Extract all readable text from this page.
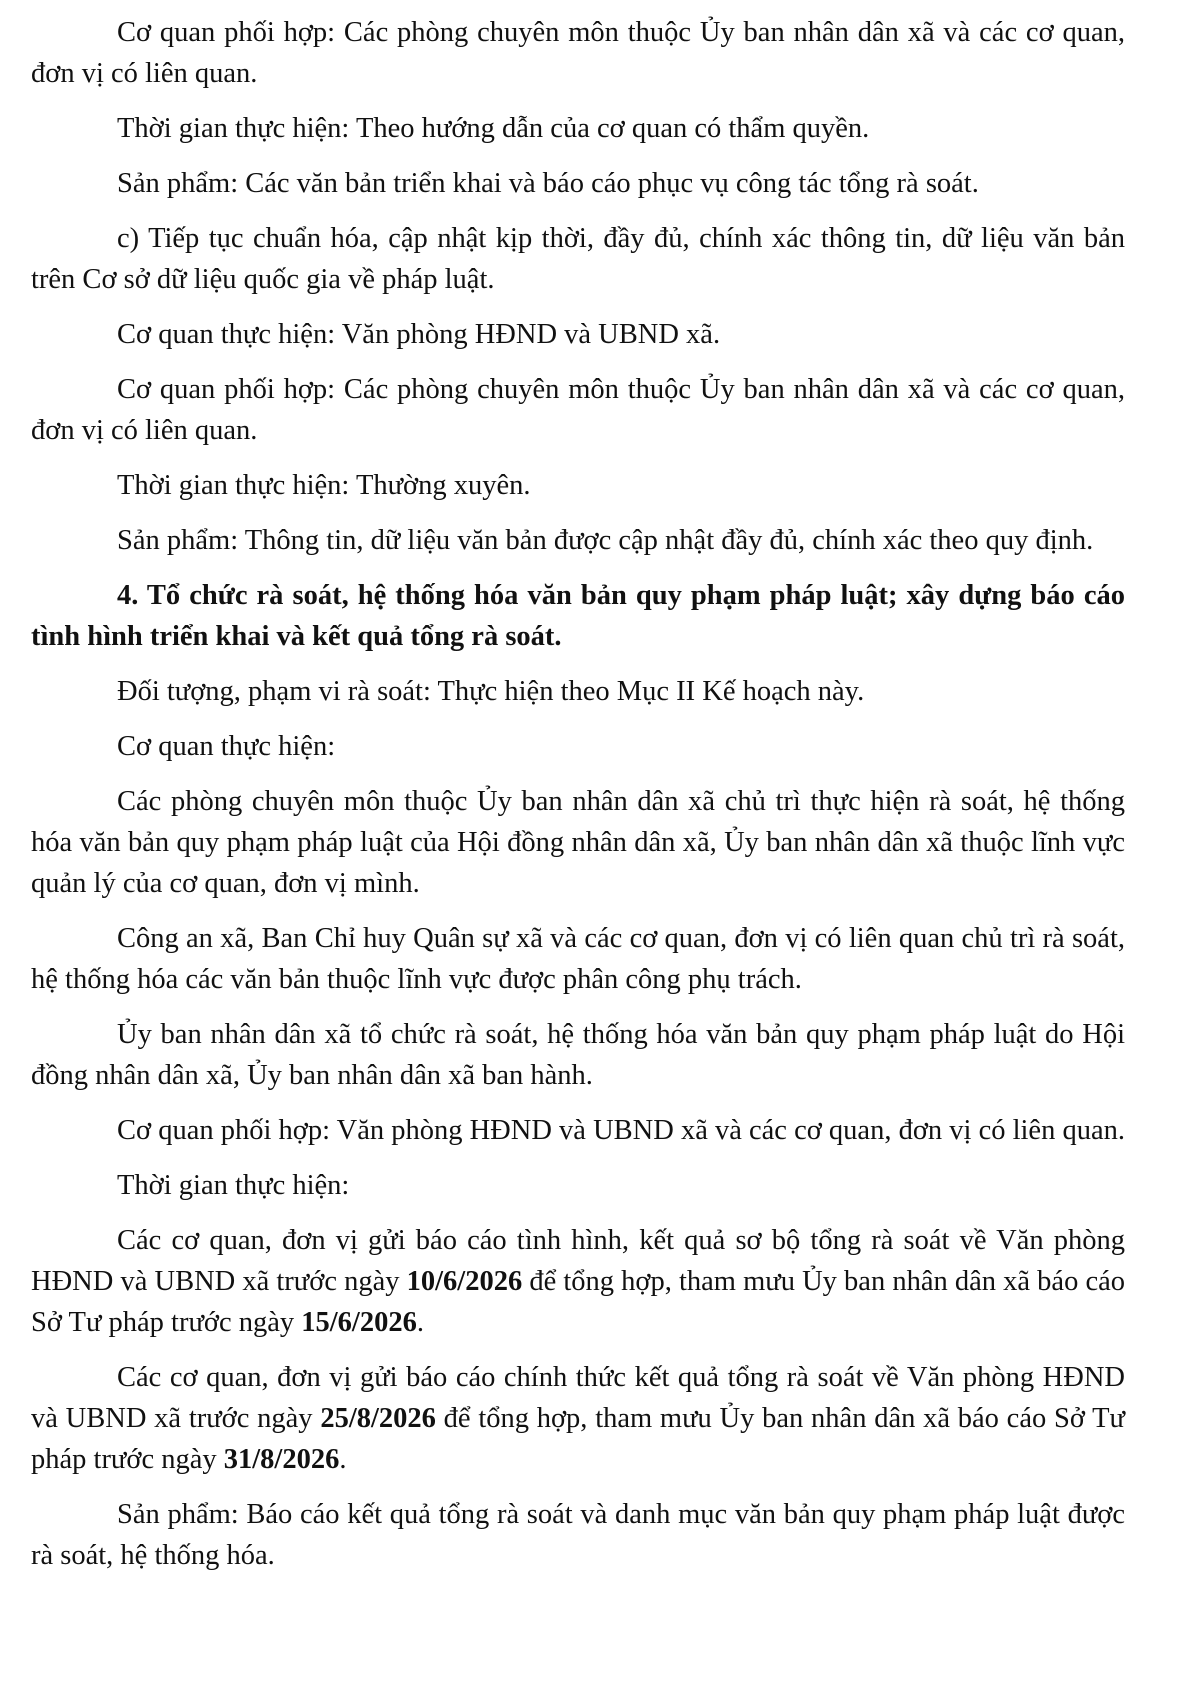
Cơ quan phối hợp: Các phòng chuyên môn thuộc Ủy ban nhân dân xã và các cơ quan, đơn vị có liên quan.

Thời gian thực hiện: Theo hướng dẫn của cơ quan có thẩm quyền.

Sản phẩm: Các văn bản triển khai và báo cáo phục vụ công tác tổng rà soát.

c) Tiếp tục chuẩn hóa, cập nhật kịp thời, đầy đủ, chính xác thông tin, dữ liệu văn bản trên Cơ sở dữ liệu quốc gia về pháp luật.

Cơ quan thực hiện: Văn phòng HĐND và UBND xã.

Cơ quan phối hợp: Các phòng chuyên môn thuộc Ủy ban nhân dân xã và các cơ quan, đơn vị có liên quan.

Thời gian thực hiện: Thường xuyên.

Sản phẩm: Thông tin, dữ liệu văn bản được cập nhật đầy đủ, chính xác theo quy định.

4. Tổ chức rà soát, hệ thống hóa văn bản quy phạm pháp luật; xây dựng báo cáo tình hình triển khai và kết quả tổng rà soát.

Đối tượng, phạm vi rà soát: Thực hiện theo Mục II Kế hoạch này.

Cơ quan thực hiện:

Các phòng chuyên môn thuộc Ủy ban nhân dân xã chủ trì thực hiện rà soát, hệ thống hóa văn bản quy phạm pháp luật của Hội đồng nhân dân xã, Ủy ban nhân dân xã thuộc lĩnh vực quản lý của cơ quan, đơn vị mình.

Công an xã, Ban Chỉ huy Quân sự xã và các cơ quan, đơn vị có liên quan chủ trì rà soát, hệ thống hóa các văn bản thuộc lĩnh vực được phân công phụ trách.

Ủy ban nhân dân xã tổ chức rà soát, hệ thống hóa văn bản quy phạm pháp luật do Hội đồng nhân dân xã, Ủy ban nhân dân xã ban hành.

Cơ quan phối hợp: Văn phòng HĐND và UBND xã và các cơ quan, đơn vị có liên quan.

Thời gian thực hiện:

Các cơ quan, đơn vị gửi báo cáo tình hình, kết quả sơ bộ tổng rà soát về Văn phòng HĐND và UBND xã trước ngày 10/6/2026 để tổng hợp, tham mưu Ủy ban nhân dân xã báo cáo Sở Tư pháp trước ngày 15/6/2026.

Các cơ quan, đơn vị gửi báo cáo chính thức kết quả tổng rà soát về Văn phòng HĐND và UBND xã trước ngày 25/8/2026 để tổng hợp, tham mưu Ủy ban nhân dân xã báo cáo Sở Tư pháp trước ngày 31/8/2026.

Sản phẩm: Báo cáo kết quả tổng rà soát và danh mục văn bản quy phạm pháp luật được rà soát, hệ thống hóa.
